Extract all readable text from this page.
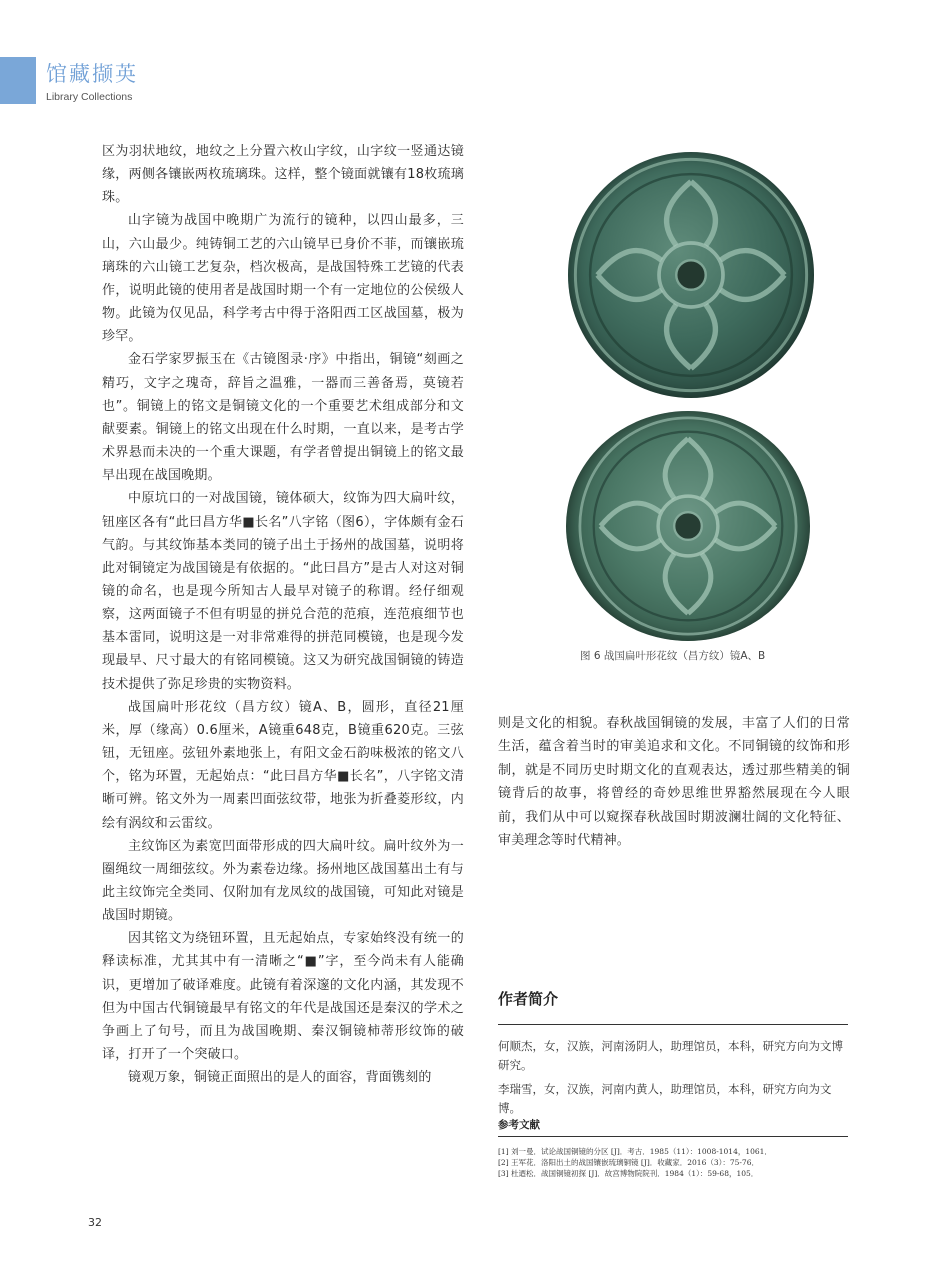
馆藏撷英
Library Collections

区为羽状地纹，地纹之上分置六枚山字纹，山字纹一竖通达镜缘，两侧各镶嵌两枚琉璃珠。这样，整个镜面就镶有18枚琉璃珠。

山字镜为战国中晚期广为流行的镜种，以四山最多，三山，六山最少。纯铸铜工艺的六山镜早已身价不菲，而镶嵌琉璃珠的六山镜工艺复杂，档次极高，是战国特殊工艺镜的代表作，说明此镜的使用者是战国时期一个有一定地位的公侯级人物。此镜为仅见品，科学考古中得于洛阳西工区战国墓，极为珍罕。

金石学家罗振玉在《古镜图录·序》中指出，铜镜“刻画之精巧，文字之瑰奇，辞旨之温雅，一器而三善备焉，莫镜若也”。铜镜上的铭文是铜镜文化的一个重要艺术组成部分和文献要素。铜镜上的铭文出现在什么时期，一直以来，是考古学术界悬而未决的一个重大课题，有学者曾提出铜镜上的铭文最早出现在战国晚期。

中原坑口的一对战国镜，镜体硕大，纹饰为四大扁叶纹，钮座区各有“此曰昌方华■长名”八字铭（图6），字体颇有金石气韵。与其纹饰基本类同的镜子出土于扬州的战国墓，说明将此对铜镜定为战国镜是有依据的。“此曰昌方”是古人对这对铜镜的命名，也是现今所知古人最早对镜子的称谓。经仔细观察，这两面镜子不但有明显的拼兑合范的范痕，连范痕细节也基本雷同，说明这是一对非常难得的拼范同模镜，也是现今发现最早、尺寸最大的有铭同模镜。这又为研究战国铜镜的铸造技术提供了弥足珍贵的实物资料。

战国扁叶形花纹（昌方纹）镜A、B，圆形，直径21厘米，厚（缘高）0.6厘米，A镜重648克，B镜重620克。三弦钮，无钮座。弦钮外素地张上，有阳文金石韵味极浓的铭文八个，铭为环置，无起始点：“此曰昌方华■长名”，八字铭文清晰可辨。铭文外为一周素凹面弦纹带，地张为折叠菱形纹，内绘有涡纹和云雷纹。

主纹饰区为素宽凹面带形成的四大扁叶纹。扁叶纹外为一圈绳纹一周细弦纹。外为素卷边缘。扬州地区战国墓出土有与此主纹饰完全类同、仅附加有龙凤纹的战国镜，可知此对镜是战国时期镜。

因其铭文为绕钮环置，且无起始点，专家始终没有统一的释读标准，尤其其中有一清晰之“■”字，至今尚未有人能确识，更增加了破译难度。此镜有着深邃的文化内涵，其发现不但为中国古代铜镜最早有铭文的年代是战国还是秦汉的学术之争画上了句号，而且为战国晚期、秦汉铜镜柿蒂形纹饰的破译，打开了一个突破口。

镜观万象，铜镜正面照出的是人的面容，背面镌刻的

图 6 战国扁叶形花纹（昌方纹）镜A、B

则是文化的相貌。春秋战国铜镜的发展，丰富了人们的日常生活，蕴含着当时的审美追求和文化。不同铜镜的纹饰和形制，就是不同历史时期文化的直观表达，透过那些精美的铜镜背后的故事，将曾经的奇妙思维世界豁然展现在今人眼前，我们从中可以窥探春秋战国时期波澜壮阔的文化特征、审美理念等时代精神。

作者简介
何顺杰，女，汉族，河南汤阴人，助理馆员，本科，研究方向为文博研究。
李瑞雪，女，汉族，河南内黄人，助理馆员，本科，研究方向为文博。
参考文献
[1] 刘一曼．试论战国铜镜的分区 [J]．考古．1985（11）：1008-1014，1061．
[2] 王军花．洛阳出土的战国镶嵌琉璃铜镜 [J]．收藏家．2016（3）：75-76．
[3] 杜迺松．战国铜镜初探 [J]．故宫博物院院刊．1984（1）：59-68，105．
32
